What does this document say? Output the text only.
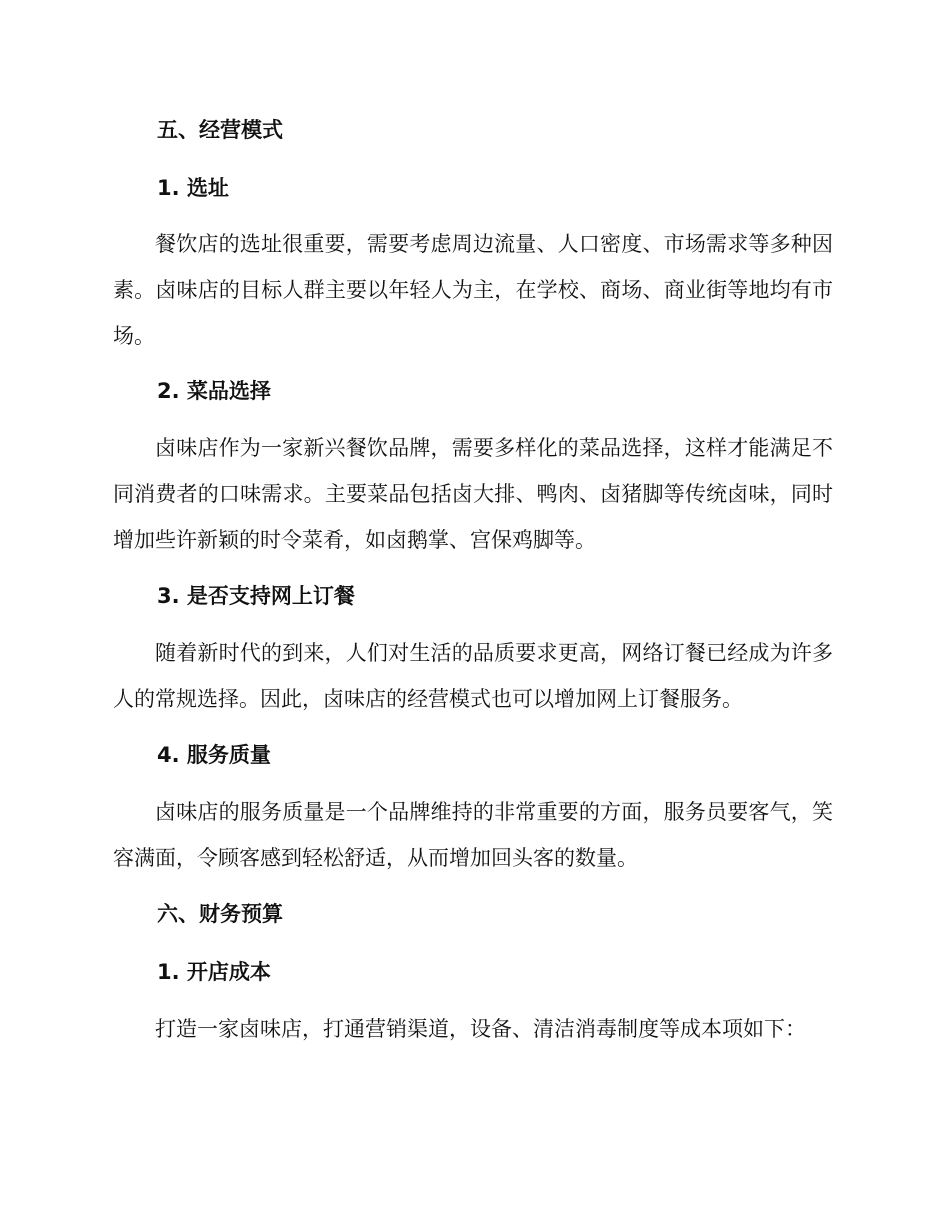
五、经营模式
1. 选址

餐饮店的选址很重要，需要考虑周边流量、人口密度、市场需求等多种因素。卤味店的目标人群主要以年轻人为主，在学校、商场、商业街等地均有市场。

2. 菜品选择

卤味店作为一家新兴餐饮品牌，需要多样化的菜品选择，这样才能满足不同消费者的口味需求。主要菜品包括卤大排、鸭肉、卤猪脚等传统卤味，同时增加些许新颖的时令菜肴，如卤鹅掌、宫保鸡脚等。

3. 是否支持网上订餐

随着新时代的到来，人们对生活的品质要求更高，网络订餐已经成为许多人的常规选择。因此，卤味店的经营模式也可以增加网上订餐服务。

4. 服务质量

卤味店的服务质量是一个品牌维持的非常重要的方面，服务员要客气，笑容满面，令顾客感到轻松舒适，从而增加回头客的数量。

六、财务预算
1. 开店成本

打造一家卤味店，打通营销渠道，设备、清洁消毒制度等成本项如下：
